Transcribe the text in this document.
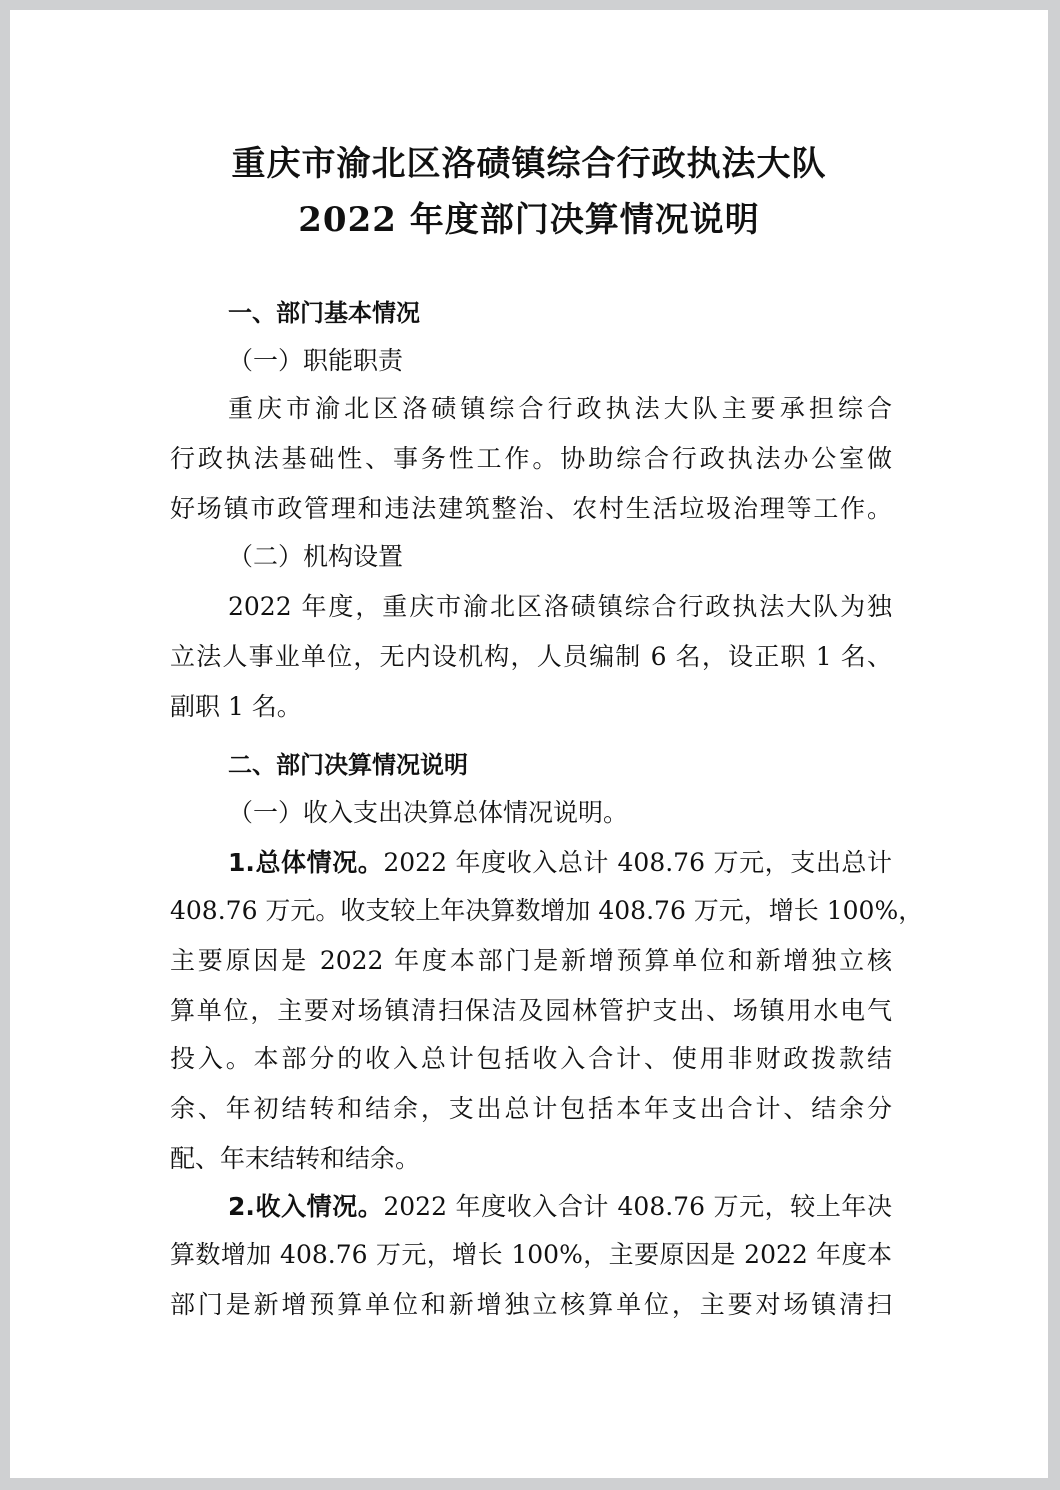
重庆市渝北区洛碛镇综合行政执法大队
2022 年度部门决算情况说明
一、部门基本情况
（一）职能职责
重庆市渝北区洛碛镇综合行政执法大队主要承担综合
行政执法基础性、事务性工作。协助综合行政执法办公室做
好场镇市政管理和违法建筑整治、农村生活垃圾治理等工作。
（二）机构设置
2022 年度，重庆市渝北区洛碛镇综合行政执法大队为独
立法人事业单位，无内设机构，人员编制 6 名，设正职 1 名、
副职 1 名。
二、部门决算情况说明
（一）收入支出决算总体情况说明。
1.总体情况。2022 年度收入总计 408.76 万元，支出总计
408.76 万元。收支较上年决算数增加 408.76 万元，增长 100%，
主要原因是 2022 年度本部门是新增预算单位和新增独立核
算单位，主要对场镇清扫保洁及园林管护支出、场镇用水电气
投入。本部分的收入总计包括收入合计、使用非财政拨款结
余、年初结转和结余，支出总计包括本年支出合计、结余分
配、年末结转和结余。
2.收入情况。2022 年度收入合计 408.76 万元，较上年决
算数增加 408.76 万元，增长 100%，主要原因是 2022 年度本
部门是新增预算单位和新增独立核算单位，主要对场镇清扫
